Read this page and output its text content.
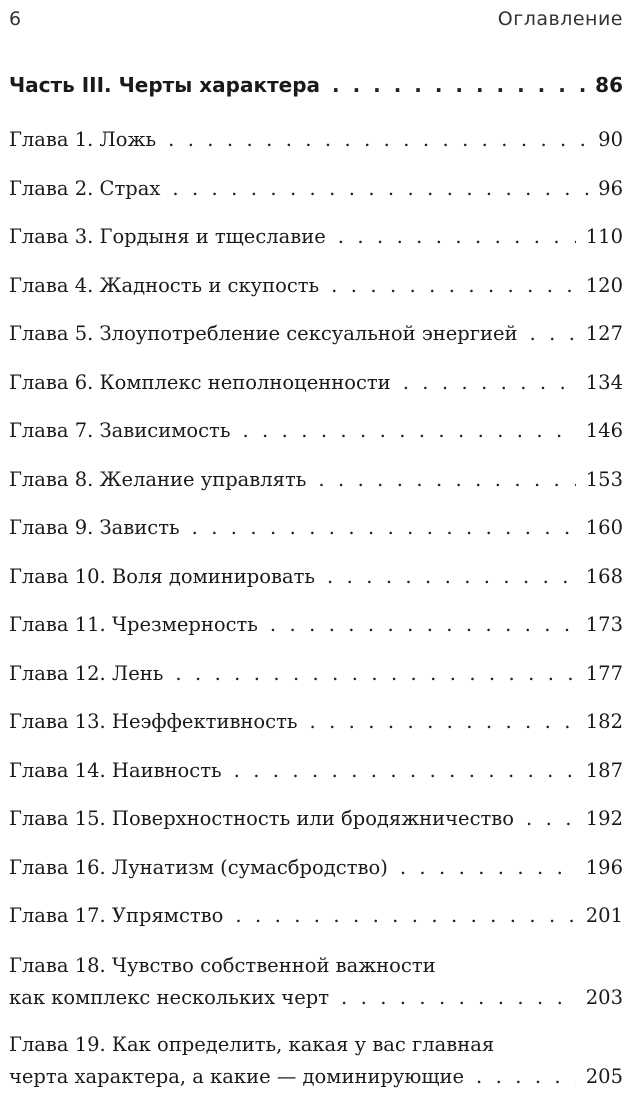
6	Оглавление
Часть III. Черты характера . . .	86
Глава 1. Ложь . . .	90
Глава 2. Страх . . .	96
Глава 3. Гордыня и тщеславие . . .	110
Глава 4. Жадность и скупость . . .	120
Глава 5. Злоупотребление сексуальной энергией . . .	127
Глава 6. Комплекс неполноценности . . .	134
Глава 7. Зависимость . . .	146
Глава 8. Желание управлять . . .	153
Глава 9. Зависть . . .	160
Глава 10. Воля доминировать . . .	168
Глава 11. Чрезмерность . . .	173
Глава 12. Лень . . .	177
Глава 13. Неэффективность . . .	182
Глава 14. Наивность . . .	187
Глава 15. Поверхностность или бродяжничество . . .	192
Глава 16. Лунатизм (сумасбродство) . . .	196
Глава 17. Упрямство . . .	201
Глава 18. Чувство собственной важности
как комплекс нескольких черт . . .	203
Глава 19. Как определить, какая у вас главная
черта характера, а какие — доминирующие . . .	205
